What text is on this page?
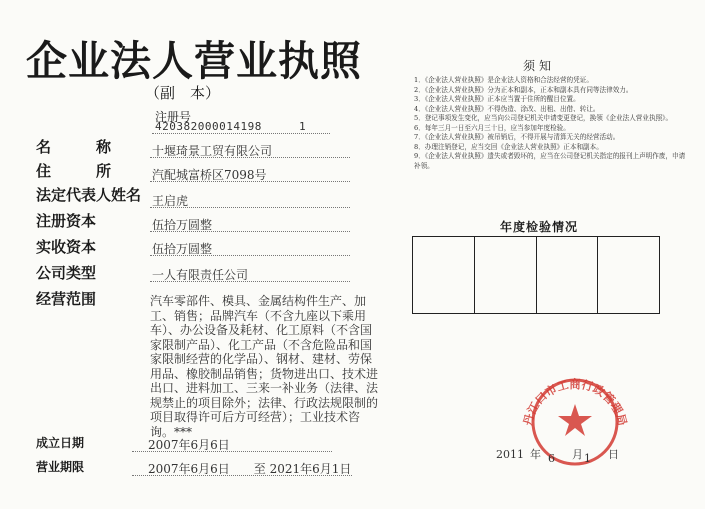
企业法人营业执照
（副　本）
注册号
420382000014198	1
名　　　称	十堰琦景工贸有限公司
住　　　所	汽配城富桥区7098号
法定代表人姓名 王启虎
注册资本	伍拾万圆整
实收资本	伍拾万圆整
公司类型	一人有限责任公司
经营范围	汽车零部件、模具、金属结构件生产、加工、销售；品牌汽车（不含九座以下乘用车）、办公设备及耗材、化工原料（不含国家限制产品）、化工产品（不含危险品和国家限制经营的化学品）、钢材、建材、劳保用品、橡胶制品销售；货物进出口、技术进出口、进料加工、三来一补业务（法律、法规禁止的项目除外；法律、行政法规限制的项目取得许可后方可经营）；工业技术咨询。***
成立日期	2007年6月6日
营业期限	2007年6月6日　　至 2021年6月1日
须知

1．《企业法人营业执照》是企业法人资格和合法经营的凭证。

2．《企业法人营业执照》分为正本和副本，正本和副本具有同等法律效力。

3．《企业法人营业执照》正本应当置于住所的醒目位置。

4．《企业法人营业执照》不得伪造、涂改、出租、出借、转让。

5．登记事项发生变化，应当向公司登记机关申请变更登记，换领《企业法人营业执照》。

6．每年三月一日至六月三十日，应当参加年度检验。

7．《企业法人营业执照》被吊销后，不得开展与清算无关的经营活动。

8．办理注销登记，应当交回《企业法人营业执照》正本和副本。

9．《企业法人营业执照》遗失或者毁坏的，应当在公司登记机关指定的报刊上声明作废，申请补领。

年度检验情况
丹江口市工商行政管理局
2011 年 6 月 1 日
